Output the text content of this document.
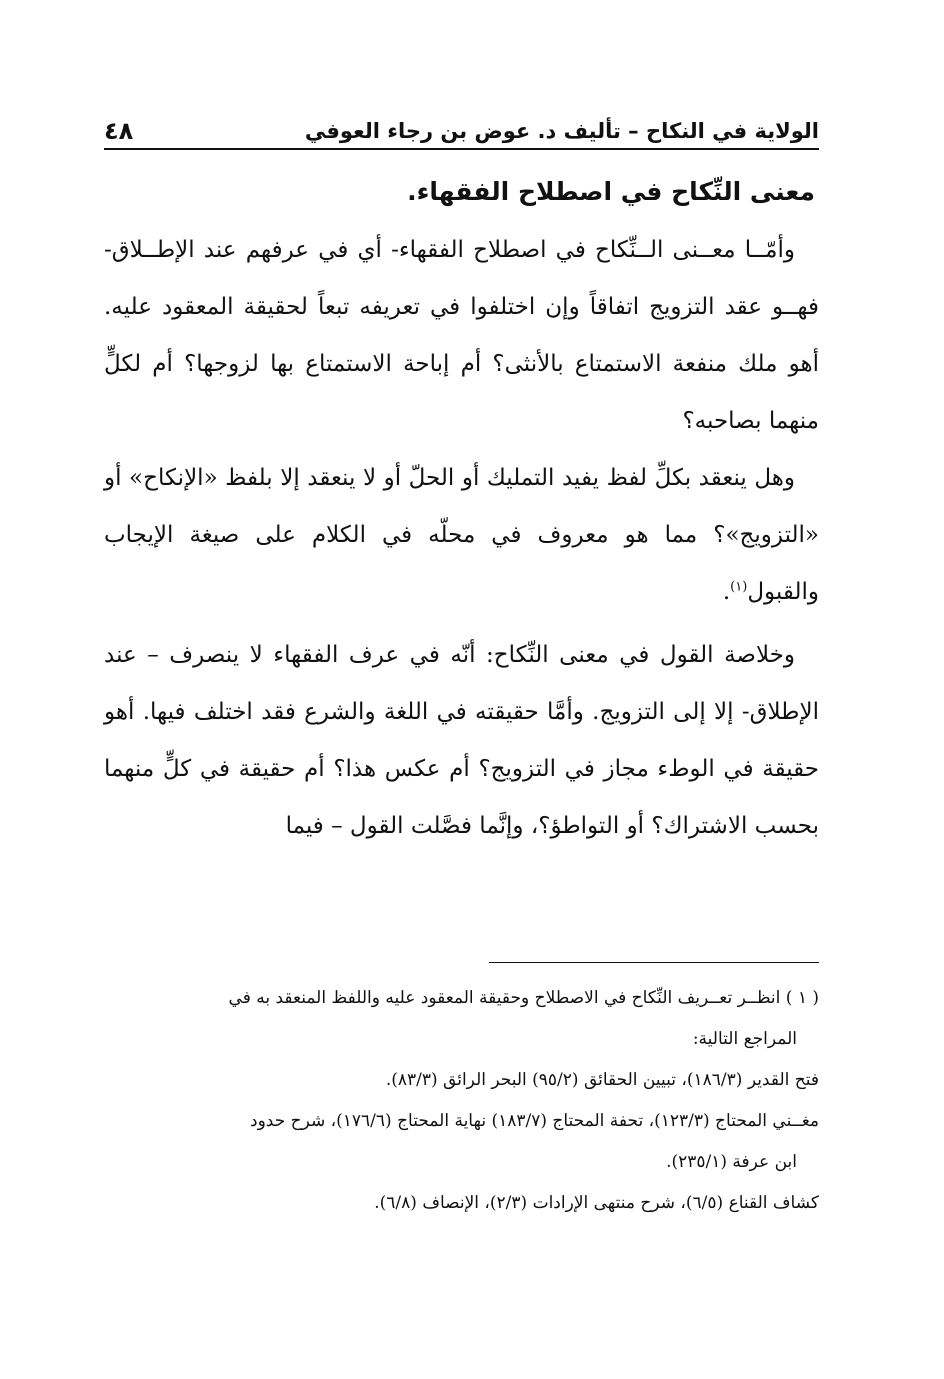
الولاية في النكاح – تأليف د. عوض بن رجاء العوفي
٤٨
معنى النِّكاح في اصطلاح الفقهاء.

وأمّــا معــنى الــنِّكاح في اصطلاح الفقهاء- أي في عرفهم عند الإطــلاق- فهــو عقد التزويج اتفاقاً وإن اختلفوا في تعريفه تبعاً لحقيقة المعقود عليه. أهو ملك منفعة الاستمتاع بالأنثى؟ أم إباحة الاستمتاع بها لزوجها؟ أم لكلٍّ منهما بصاحبه؟

وهل ينعقد بكلِّ لفظ يفيد التمليك أو الحلّ أو لا ينعقد إلا بلفظ «الإنكاح» أو «التزويج»؟ مما هو معروف في محلّه في الكلام على صيغة الإيجاب والقبول$^{(١)}$.

وخلاصة القول في معنى النِّكاح: أنّه في عرف الفقهاء لا ينصرف – عند الإطلاق- إلا إلى التزويج. وأمَّا حقيقته في اللغة والشرع فقد اختلف فيها. أهو حقيقة في الوطء مجاز في التزويج؟ أم عكس هذا؟ أم حقيقة في كلٍّ منهما بحسب الاشتراك؟ أو التواطؤ؟، وإنَّما فصَّلت القول – فيما

( ١ ) انظــر تعــريف النِّكاح في الاصطلاح وحقيقة المعقود عليه واللفظ المنعقد به في
المراجع التالية:

فتح القدير (١٨٦/٣)، تبيين الحقائق (٩٥/٢) البحر الرائق (٨٣/٣).

مغــني المحتاج (١٢٣/٣)، تحفة المحتاج (١٨٣/٧) نهاية المحتاج (١٧٦/٦)، شرح حدود
ابن عرفة (٢٣٥/١).

كشاف القناع (٦/٥)، شرح منتهى الإرادات (٢/٣)، الإنصاف (٦/٨).
